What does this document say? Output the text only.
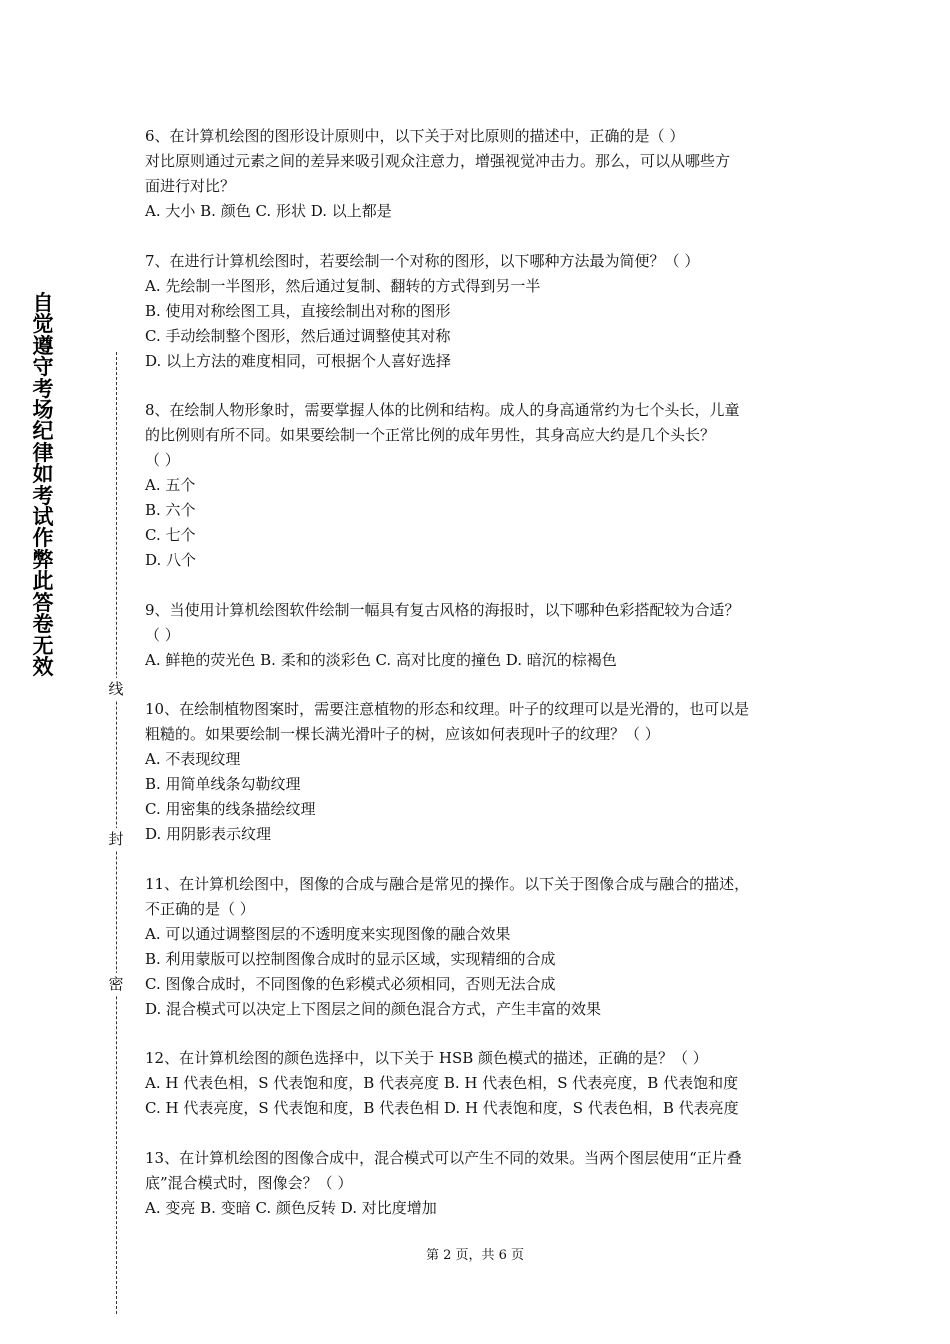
自觉遵守考场纪律如考试作弊此答卷无效
线
封
密

6、在计算机绘图的图形设计原则中，以下关于对比原则的描述中，正确的是（ ）

对比原则通过元素之间的差异来吸引观众注意力，增强视觉冲击力。那么，可以从哪些方

面进行对比？

A. 大小 B. 颜色 C. 形状 D. 以上都是

7、在进行计算机绘图时，若要绘制一个对称的图形，以下哪种方法最为简便？（ ）

A. 先绘制一半图形，然后通过复制、翻转的方式得到另一半

B. 使用对称绘图工具，直接绘制出对称的图形

C. 手动绘制整个图形，然后通过调整使其对称

D. 以上方法的难度相同，可根据个人喜好选择

8、在绘制人物形象时，需要掌握人体的比例和结构。成人的身高通常约为七个头长，儿童

的比例则有所不同。如果要绘制一个正常比例的成年男性，其身高应大约是几个头长？

（ ）

A. 五个

B. 六个

C. 七个

D. 八个

9、当使用计算机绘图软件绘制一幅具有复古风格的海报时，以下哪种色彩搭配较为合适？

（ ）

A. 鲜艳的荧光色 B. 柔和的淡彩色 C. 高对比度的撞色 D. 暗沉的棕褐色

10、在绘制植物图案时，需要注意植物的形态和纹理。叶子的纹理可以是光滑的，也可以是

粗糙的。如果要绘制一棵长满光滑叶子的树，应该如何表现叶子的纹理？（ ）

A. 不表现纹理

B. 用简单线条勾勒纹理

C. 用密集的线条描绘纹理

D. 用阴影表示纹理

11、在计算机绘图中，图像的合成与融合是常见的操作。以下关于图像合成与融合的描述，

不正确的是（ ）

A. 可以通过调整图层的不透明度来实现图像的融合效果

B. 利用蒙版可以控制图像合成时的显示区域，实现精细的合成

C. 图像合成时，不同图像的色彩模式必须相同，否则无法合成

D. 混合模式可以决定上下图层之间的颜色混合方式，产生丰富的效果

12、在计算机绘图的颜色选择中，以下关于 HSB 颜色模式的描述，正确的是？（ ）

A. H 代表色相，S 代表饱和度，B 代表亮度 B. H 代表色相，S 代表亮度，B 代表饱和度

C. H 代表亮度，S 代表饱和度，B 代表色相 D. H 代表饱和度，S 代表色相，B 代表亮度

13、在计算机绘图的图像合成中，混合模式可以产生不同的效果。当两个图层使用“正片叠

底”混合模式时，图像会？（ ）

A. 变亮 B. 变暗 C. 颜色反转 D. 对比度增加

第 2 页，共 6 页
